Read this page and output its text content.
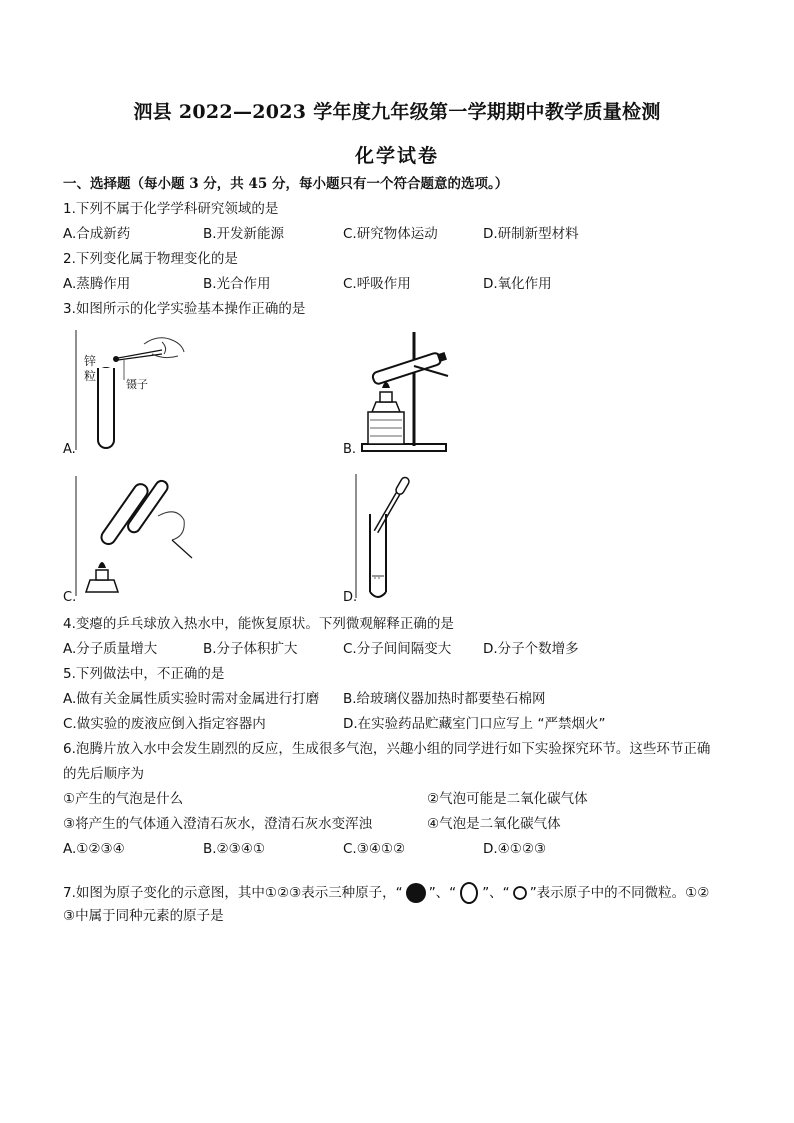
泗县 2022—2023 学年度九年级第一学期期中教学质量检测
化学试卷
一、选择题（每小题 3 分，共 45 分，每小题只有一个符合题意的选项。）
1.下列不属于化学学科研究领域的是
A.合成新药	B.开发新能源	C.研究物体运动	D.研制新型材料
2.下列变化属于物理变化的是
A.蒸腾作用	B.光合作用	C.呼吸作用	D.氧化作用
3.如图所示的化学实验基本操作正确的是
A.
锌
粒
镊子
B.
C.	D.
4.变瘪的乒乓球放入热水中，能恢复原状。下列微观解释正确的是
A.分子质量增大	B.分子体积扩大	C.分子间间隔变大 D.分子个数增多
5.下列做法中，不正确的是
A.做有关金属性质实验时需对金属进行打磨 B.给玻璃仪器加热时都要垫石棉网
C.做实验的废液应倒入指定容器内	D.在实验药品贮藏室门口应写上 “严禁烟火”
6.泡腾片放入水中会发生剧烈的反应，生成很多气泡，兴趣小组的同学进行如下实验探究环节。这些环节正确
的先后顺序为
①产生的气泡是什么	②气泡可能是二氧化碳气体
③将产生的气体通入澄清石灰水，澄清石灰水变浑浊	④气泡是二氧化碳气体
A.①②③④	B.②③④①	C.③④①②	D.④①②③
7.如图为原子变化的示意图，其中①②③表示三种原子，“ ”、“ ”、“ ”表示原子中的不同微粒。①②
③中属于同种元素的原子是
